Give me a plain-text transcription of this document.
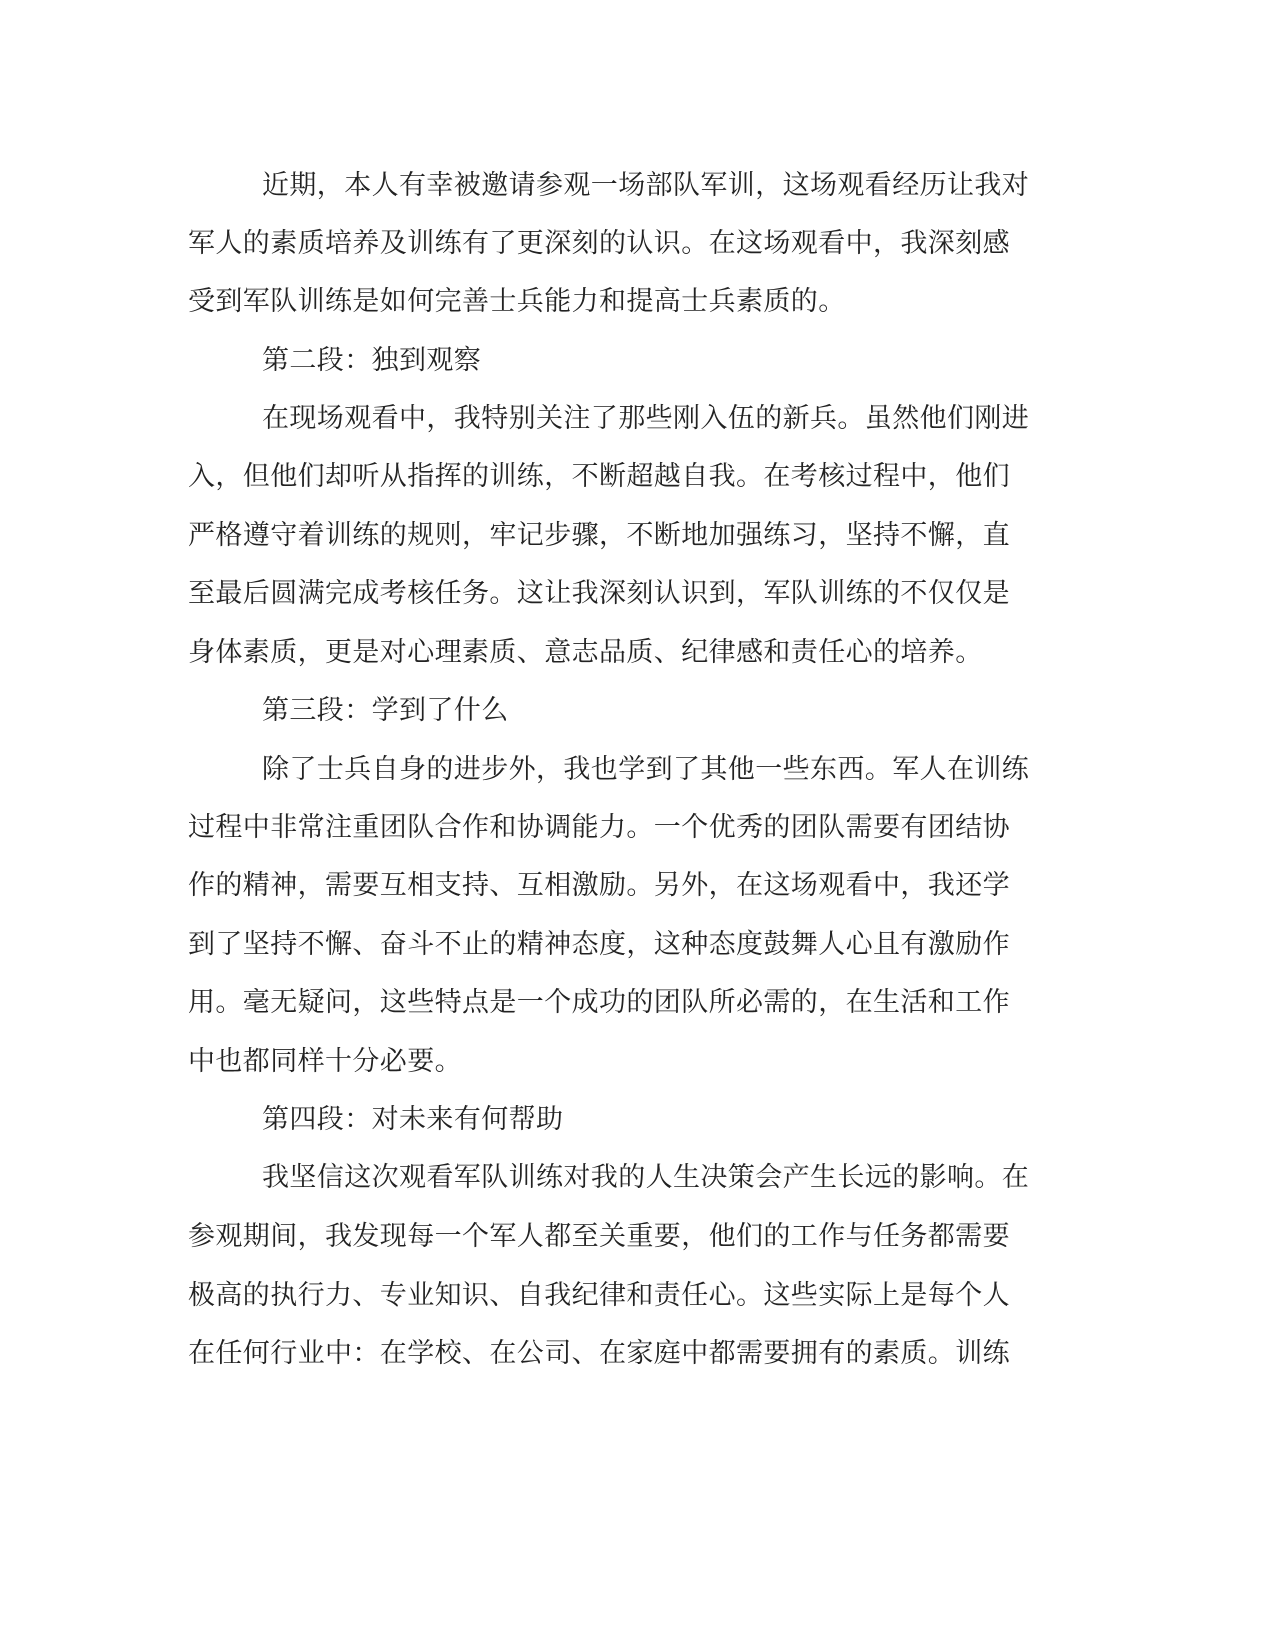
近期，本人有幸被邀请参观一场部队军训，这场观看经历让我对

军人的素质培养及训练有了更深刻的认识。在这场观看中，我深刻感

受到军队训练是如何完善士兵能力和提高士兵素质的。

第二段：独到观察

在现场观看中，我特别关注了那些刚入伍的新兵。虽然他们刚进

入，但他们却听从指挥的训练，不断超越自我。在考核过程中，他们

严格遵守着训练的规则，牢记步骤，不断地加强练习，坚持不懈，直

至最后圆满完成考核任务。这让我深刻认识到，军队训练的不仅仅是

身体素质，更是对心理素质、意志品质、纪律感和责任心的培养。

第三段：学到了什么

除了士兵自身的进步外，我也学到了其他一些东西。军人在训练

过程中非常注重团队合作和协调能力。一个优秀的团队需要有团结协

作的精神，需要互相支持、互相激励。另外，在这场观看中，我还学

到了坚持不懈、奋斗不止的精神态度，这种态度鼓舞人心且有激励作

用。毫无疑问，这些特点是一个成功的团队所必需的，在生活和工作

中也都同样十分必要。

第四段：对未来有何帮助

我坚信这次观看军队训练对我的人生决策会产生长远的影响。在

参观期间，我发现每一个军人都至关重要，他们的工作与任务都需要

极高的执行力、专业知识、自我纪律和责任心。这些实际上是每个人

在任何行业中：在学校、在公司、在家庭中都需要拥有的素质。训练
